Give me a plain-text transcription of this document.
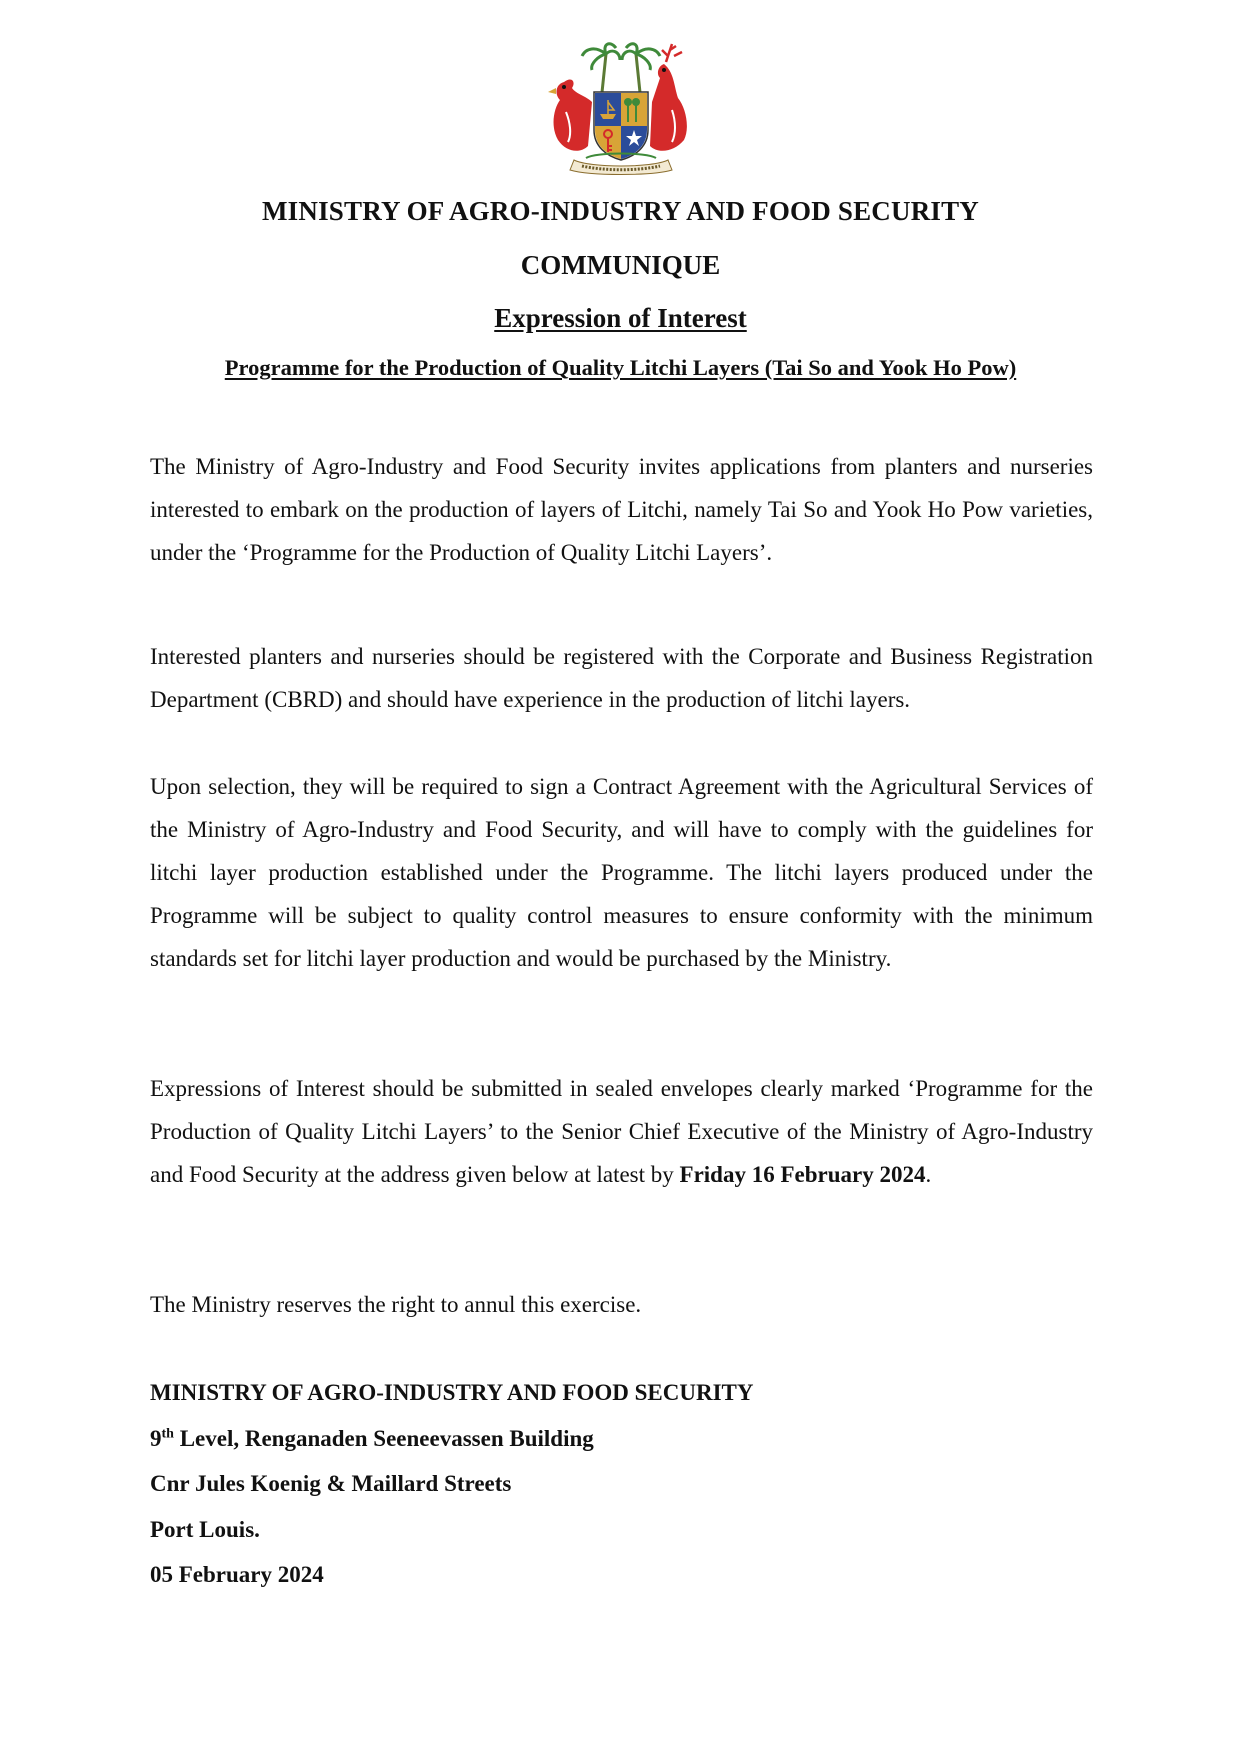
MINISTRY OF AGRO-INDUSTRY AND FOOD SECURITY
COMMUNIQUE
Expression of Interest
Programme for the Production of Quality Litchi Layers (Tai So and Yook Ho Pow)
The Ministry of Agro-Industry and Food Security invites applications from planters and nurseries interested to embark on the production of layers of Litchi, namely Tai So and Yook Ho Pow varieties, under the ‘Programme for the Production of Quality Litchi Layers’.
Interested planters and nurseries should be registered with the Corporate and Business Registration Department (CBRD) and should have experience in the production of litchi layers.
Upon selection, they will be required to sign a Contract Agreement with the Agricultural Services of the Ministry of Agro-Industry and Food Security, and will have to comply with the guidelines for litchi layer production established under the Programme. The litchi layers produced under the Programme will be subject to quality control measures to ensure conformity with the minimum standards set for litchi layer production and would be purchased by the Ministry.
Expressions of Interest should be submitted in sealed envelopes clearly marked ‘Programme for the Production of Quality Litchi Layers’ to the Senior Chief Executive of the Ministry of Agro-Industry and Food Security at the address given below at latest by Friday 16 February 2024.
The Ministry reserves the right to annul this exercise.
MINISTRY OF AGRO-INDUSTRY AND FOOD SECURITY
9th Level, Renganaden Seeneevassen Building
Cnr Jules Koenig & Maillard Streets
Port Louis.
05 February 2024
